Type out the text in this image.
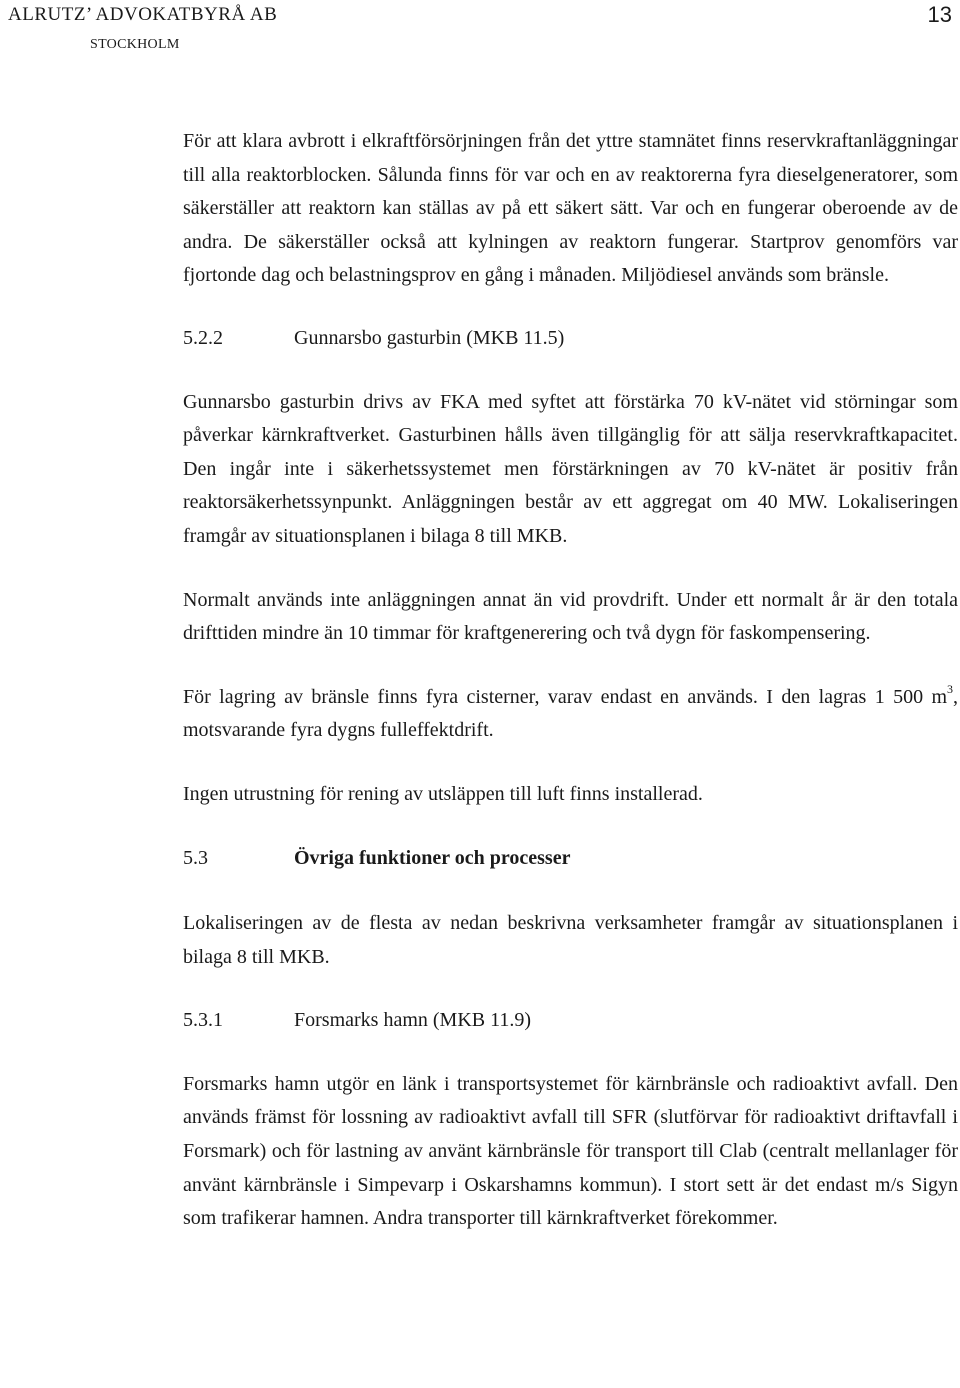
ALRUTZ’ ADVOKATBYRÅ AB
STOCKHOLM
13

För att klara avbrott i elkraftförsörjningen från det yttre stamnätet finns reservkraftanläggningar till alla reaktorblocken. Sålunda finns för var och en av reaktorerna fyra dieselgeneratorer, som säkerställer att reaktorn kan ställas av på ett säkert sätt. Var och en fungerar oberoende av de andra. De säkerställer också att kylningen av reaktorn fungerar. Startprov genomförs var fjortonde dag och belastningsprov en gång i månaden. Miljödiesel används som bränsle.

5.2.2	Gunnarsbo gasturbin (MKB 11.5)

Gunnarsbo gasturbin drivs av FKA med syftet att förstärka 70 kV-nätet vid störningar som påverkar kärnkraftverket. Gasturbinen hålls även tillgänglig för att sälja reservkraftkapacitet. Den ingår inte i säkerhetssystemet men förstärkningen av 70 kV-nätet är positiv från reaktorsäkerhetssynpunkt. Anläggningen består av ett aggregat om 40 MW. Lokaliseringen framgår av situationsplanen i bilaga 8 till MKB.

Normalt används inte anläggningen annat än vid provdrift. Under ett normalt år är den totala drifttiden mindre än 10 timmar för kraftgenerering och två dygn för faskompensering.

För lagring av bränsle finns fyra cisterner, varav endast en används. I den lagras 1 500 $m^3$, motsvarande fyra dygns fulleffektdrift.

Ingen utrustning för rening av utsläppen till luft finns installerad.

5.3	Övriga funktioner och processer

Lokaliseringen av de flesta av nedan beskrivna verksamheter framgår av situationsplanen i bilaga 8 till MKB.

5.3.1	Forsmarks hamn (MKB 11.9)

Forsmarks hamn utgör en länk i transportsystemet för kärnbränsle och radioaktivt avfall. Den används främst för lossning av radioaktivt avfall till SFR (slutförvar för radioaktivt driftavfall i Forsmark) och för lastning av använt kärnbränsle för transport till Clab (centralt mellanlager för använt kärnbränsle i Simpevarp i Oskarshamns kommun). I stort sett är det endast m/s Sigyn som trafikerar hamnen. Andra transporter till kärnkraftverket förekommer.
